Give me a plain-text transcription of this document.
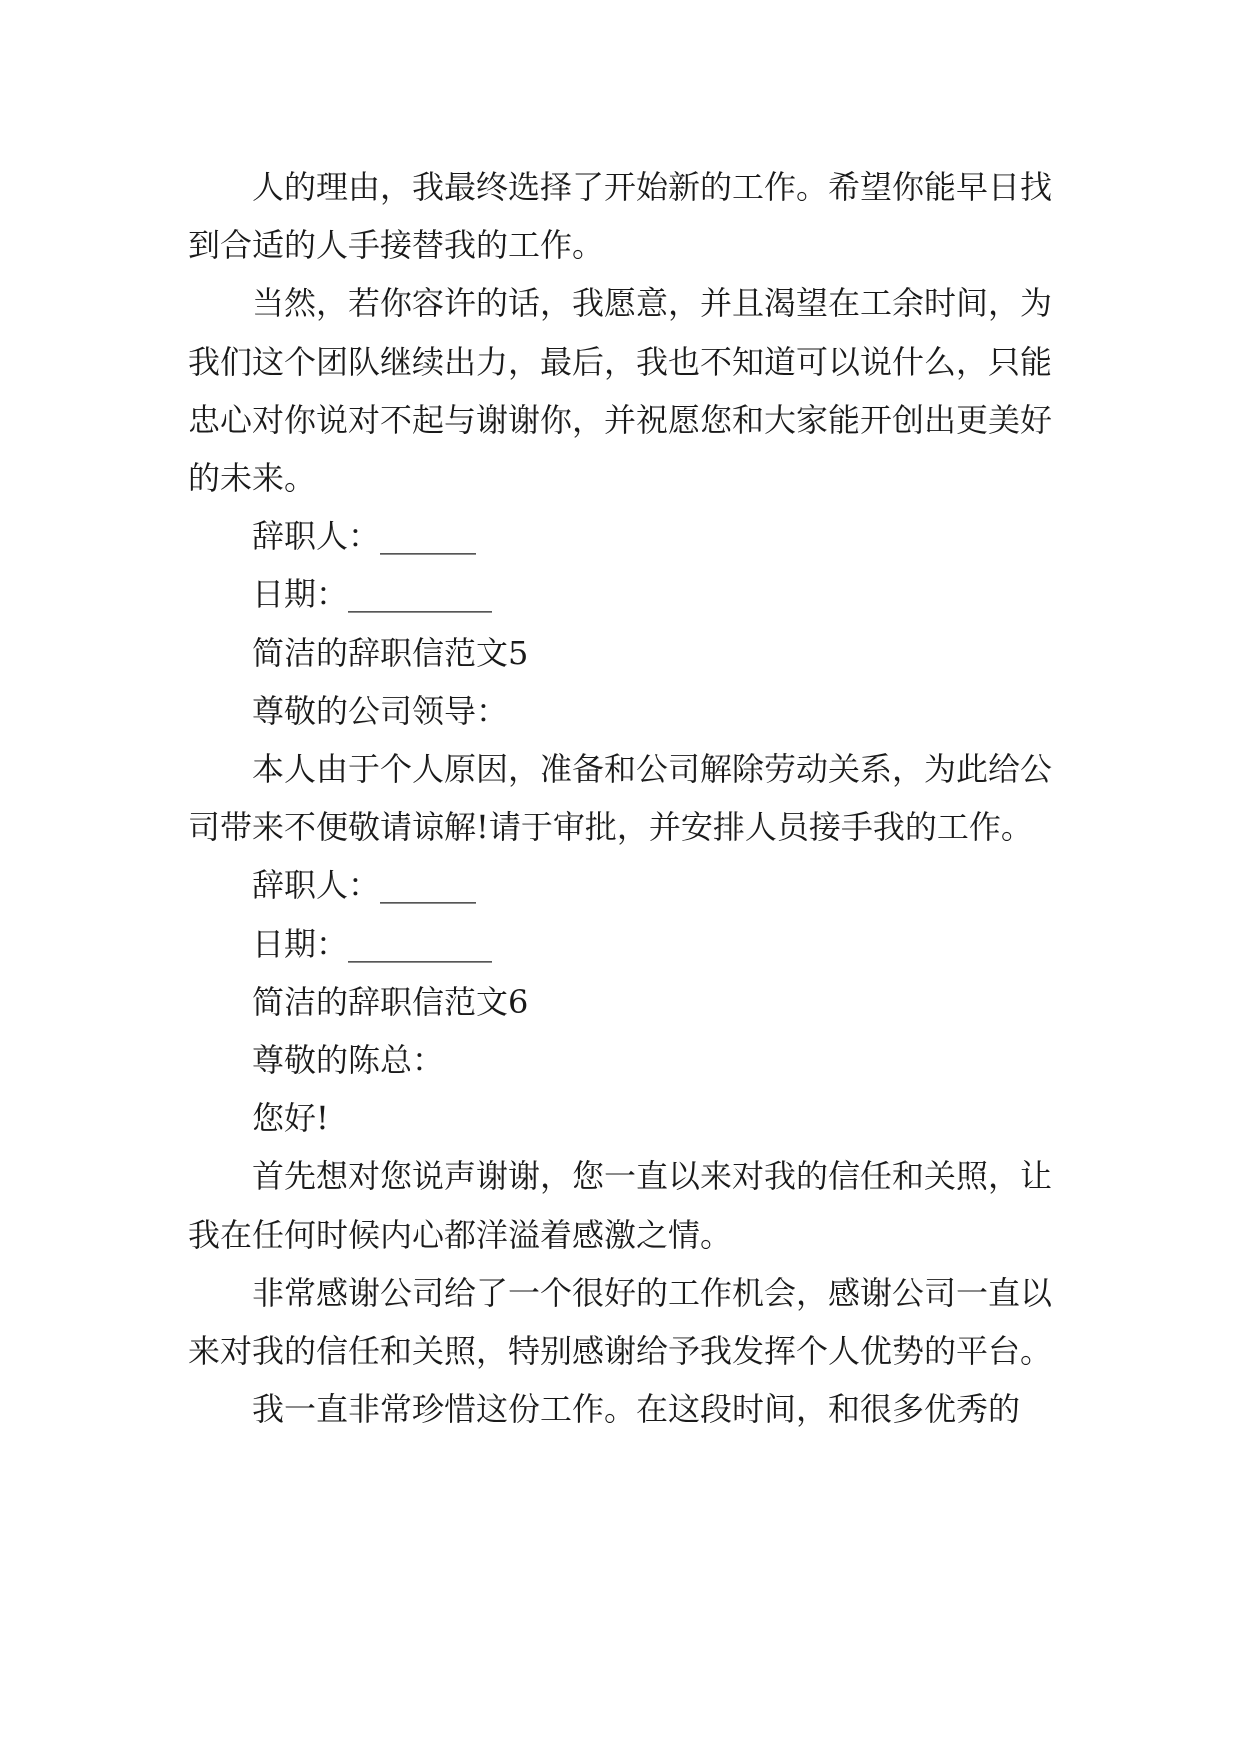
人的理由，我最终选择了开始新的工作。希望你能早日找到合适的人手接替我的工作。

当然，若你容许的话，我愿意，并且渴望在工余时间，为我们这个团队继续出力，最后，我也不知道可以说什么，只能忠心对你说对不起与谢谢你，并祝愿您和大家能开创出更美好的未来。

辞职人：______

日期：_________

简洁的辞职信范文5

尊敬的公司领导：

本人由于个人原因，准备和公司解除劳动关系，为此给公司带来不便敬请谅解!请于审批，并安排人员接手我的工作。

辞职人：______

日期：_________

简洁的辞职信范文6

尊敬的陈总：

您好!

首先想对您说声谢谢，您一直以来对我的信任和关照，让我在任何时候内心都洋溢着感激之情。

非常感谢公司给了一个很好的工作机会，感谢公司一直以来对我的信任和关照，特别感谢给予我发挥个人优势的平台。

我一直非常珍惜这份工作。在这段时间，和很多优秀的
